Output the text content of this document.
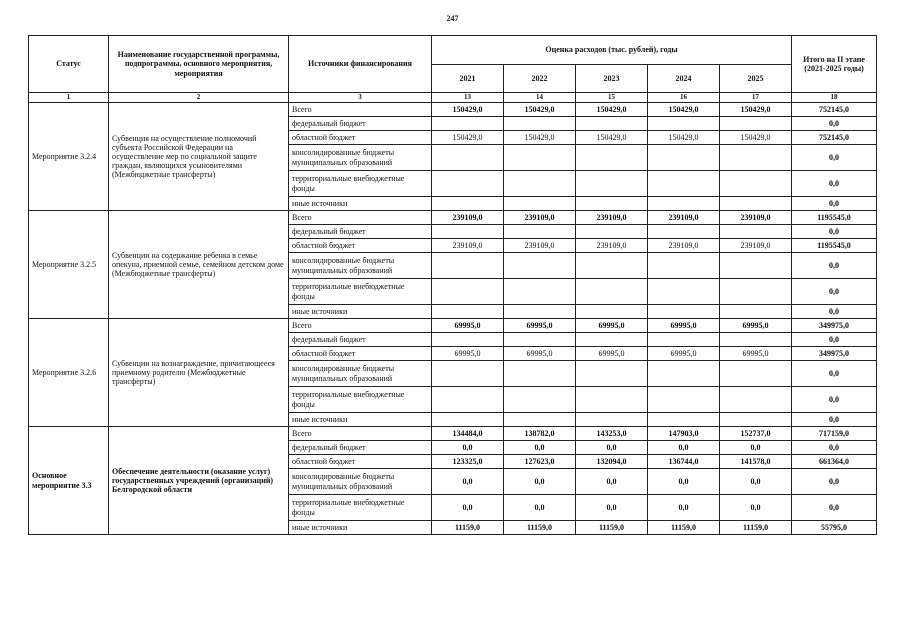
247
Статус	Наименование государственной программы, подпрограммы, основного мероприятия, мероприятия	Источники финансирования	Оценка расходов (тыс. рублей), годы					Итого на II этапе (2021-2025 годы)
			2021	2022	2023	2024	2025	
1	2	3	13	14	15	16	17	18
Мероприятие 3.2.4	Субвенция на осуществление полномочий субъекта Российской Федерации на осуществление мер по социальной защите граждан, являющихся усыновителями (Межбюджетные трансферты)	Всего	150429,0	150429,0	150429,0	150429,0	150429,0	752145,0
		федеральный бюджет						0,0
		областной бюджет	150429,0	150429,0	150429,0	150429,0	150429,0	752145,0
		консолидированные бюджеты муниципальных образований						0,0
		территориальные внебюджетные фонды						0,0
		иные источники						0,0
Мероприятие 3.2.5	Субвенции на содержание ребенка в семье опекуна, приемной семье, семейном детском доме (Межбюджетные трансферты)	Всего	239109,0	239109,0	239109,0	239109,0	239109,0	1195545,0
		федеральный бюджет						0,0
		областной бюджет	239109,0	239109,0	239109,0	239109,0	239109,0	1195545,0
		консолидированные бюджеты муниципальных образований						0,0
		территориальные внебюджетные фонды						0,0
		иные источники						0,0
Мероприятие 3.2.6	Субвенции на вознаграждение, причитающееся приемному родителю (Межбюджетные трансферты)	Всего	69995,0	69995,0	69995,0	69995,0	69995,0	349975,0
		федеральный бюджет						0,0
		областной бюджет	69995,0	69995,0	69995,0	69995,0	69995,0	349975,0
		консолидированные бюджеты муниципальных образований						0,0
		территориальные внебюджетные фонды						0,0
		иные источники						0,0
Основное мероприятие 3.3	Обеспечение деятельности (оказание услуг) государственных учреждений (организаций) Белгородской области	Всего	134484,0	138782,0	143253,0	147903,0	152737,0	717159,0
		федеральный бюджет	0,0	0,0	0,0	0,0	0,0	0,0
		областной бюджет	123325,0	127623,0	132094,0	136744,0	141578,0	661364,0
		консолидированные бюджеты муниципальных образований	0,0	0,0	0,0	0,0	0,0	0,0
		территориальные внебюджетные фонды	0,0	0,0	0,0	0,0	0,0	0,0
		иные источники	11159,0	11159,0	11159,0	11159,0	11159,0	55795,0
